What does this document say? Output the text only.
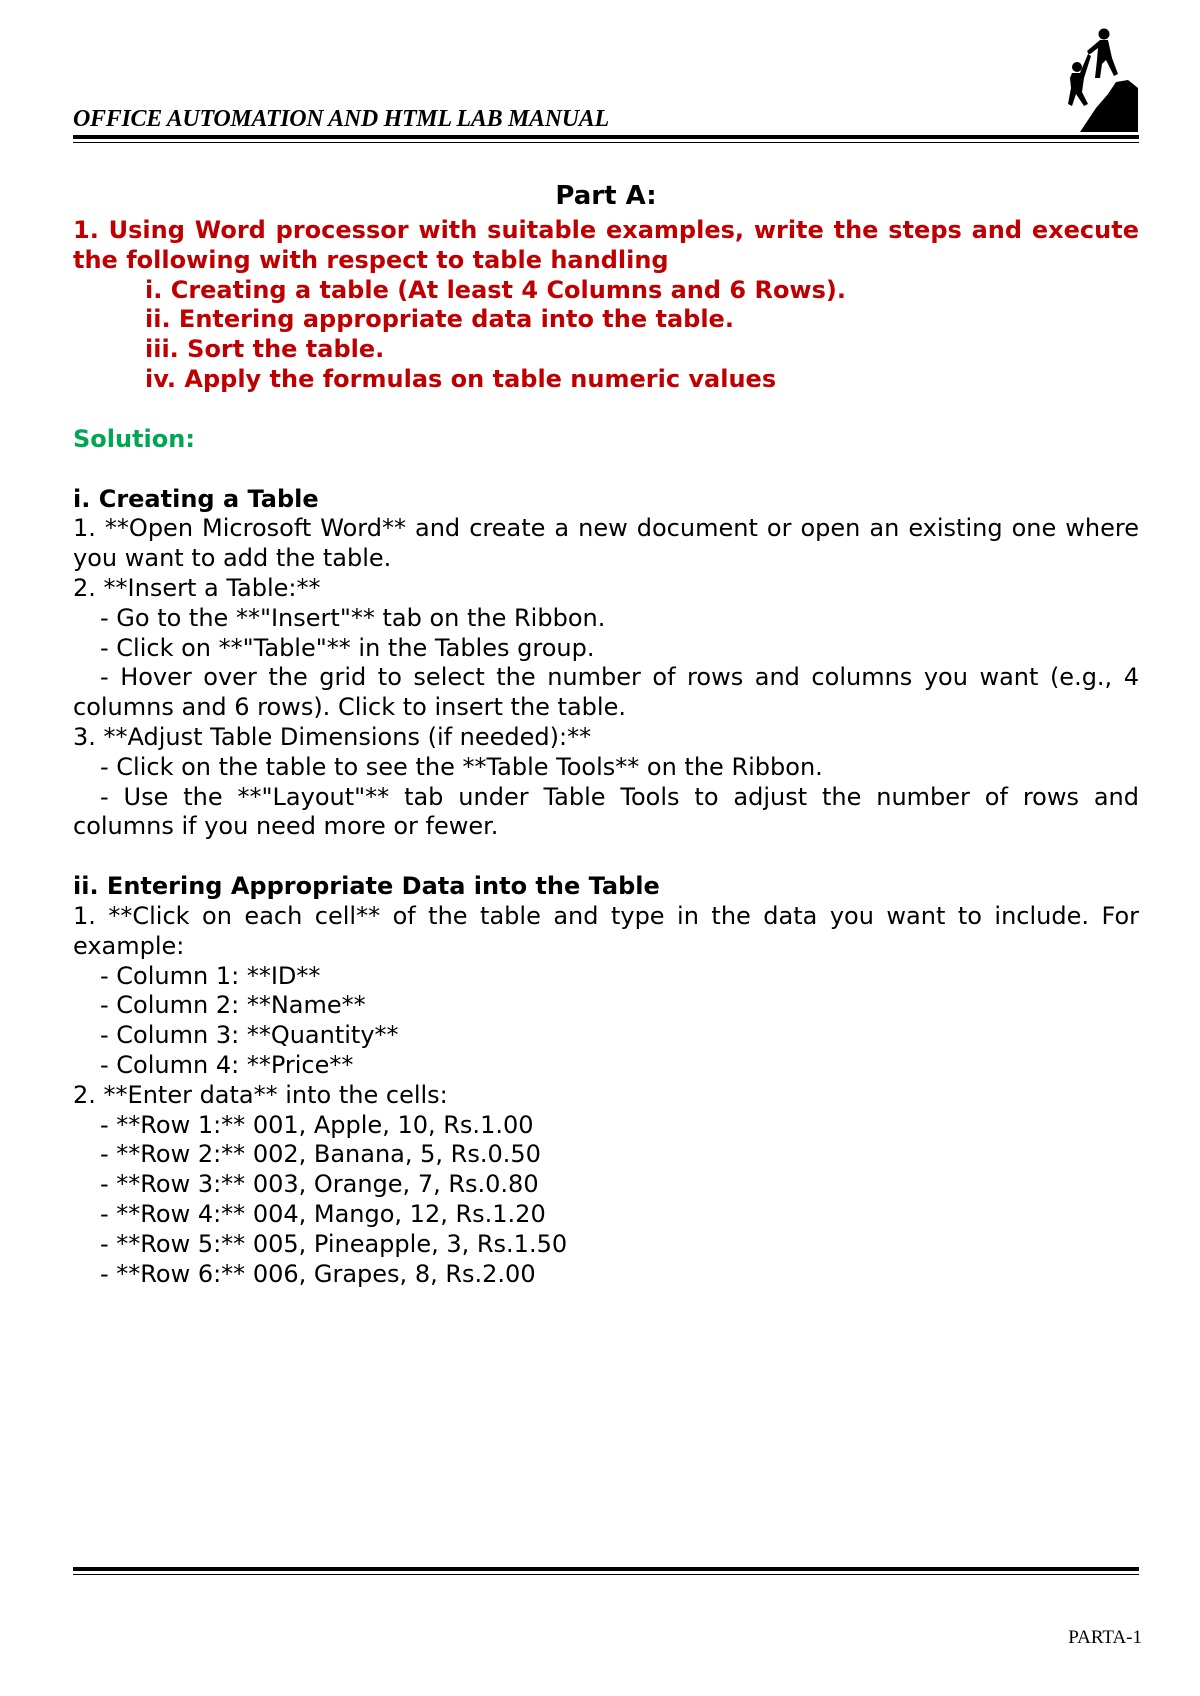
OFFICE AUTOMATION AND HTML LAB MANUAL

Part A:

1. Using Word processor with suitable examples, write the steps and execute the following with respect to table handling

i. Creating a table (At least 4 Columns and 6 Rows).

ii. Entering appropriate data into the table.

iii. Sort the table.

iv. Apply the formulas on table numeric values

Solution:

i. Creating a Table

1. **Open Microsoft Word** and create a new document or open an existing one where you want to add the table.

2. **Insert a Table:**

- Go to the **"Insert"** tab on the Ribbon.

- Click on **"Table"** in the Tables group.

- Hover over the grid to select the number of rows and columns you want (e.g., 4 columns and 6 rows). Click to insert the table.

3. **Adjust Table Dimensions (if needed):**

- Click on the table to see the **Table Tools** on the Ribbon.

- Use the **"Layout"** tab under Table Tools to adjust the number of rows and columns if you need more or fewer.

ii. Entering Appropriate Data into the Table

1. **Click on each cell** of the table and type in the data you want to include. For example:

- Column 1: **ID**

- Column 2: **Name**

- Column 3: **Quantity**

- Column 4: **Price**

2. **Enter data** into the cells:

- **Row 1:** 001, Apple, 10, Rs.1.00

- **Row 2:** 002, Banana, 5, Rs.0.50

- **Row 3:** 003, Orange, 7, Rs.0.80

- **Row 4:** 004, Mango, 12, Rs.1.20

- **Row 5:** 005, Pineapple, 3, Rs.1.50

- **Row 6:** 006, Grapes, 8, Rs.2.00

PARTA-1
